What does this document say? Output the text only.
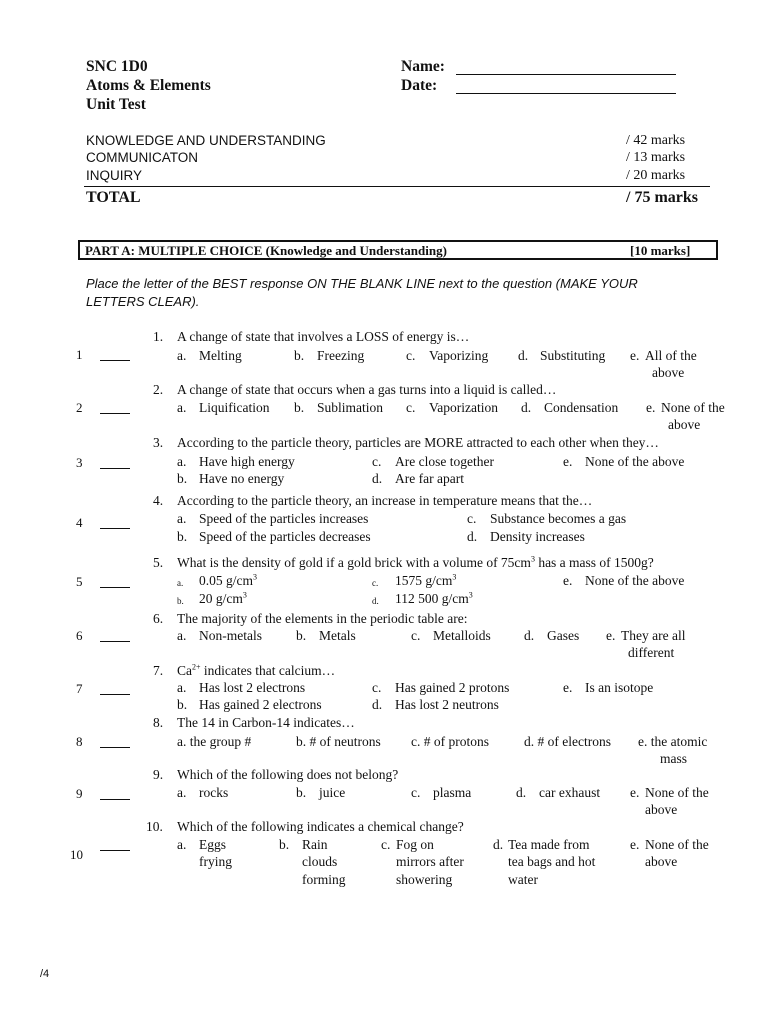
SNC 1D0
Atoms & Elements
Unit Test
Name:
Date:
KNOWLEDGE AND UNDERSTANDING	/ 42 marks
COMMUNICATON	/ 13 marks
INQUIRY	/ 20 marks
TOTAL	/ 75 marks
PART A: MULTIPLE CHOICE (Knowledge and Understanding)	[10 marks]
Place the letter of the BEST response ON THE BLANK LINE next to the question (MAKE YOUR LETTERS CLEAR).
1
1. A change of state that involves a LOSS of energy is…
a. Melting	b. Freezing	c. Vaporizing d. Substituting e. All of the
above
2
2. A change of state that occurs when a gas turns into a liquid is called…
a. Liquification b. Sublimation c. Vaporization d. Condensation e. None of the
above
3
3. According to the particle theory, particles are MORE attracted to each other when they…
a. Have high energy	c. Are close together	e. None of the above
b. Have no energy	d. Are far apart
4
4. According to the particle theory, an increase in temperature means that the…
a. Speed of the particles increases	c. Substance becomes a gas
b. Speed of the particles decreases	d. Density increases
5
5. What is the density of gold if a gold brick with a volume of $75cm^3$ has a mass of 1500g?
a. 0.05 $g/cm^3$
c. 1575 $g/cm^3$	e. None of the above
b. 20 $g/cm^3$
d. 112 500 $g/cm^3$
6
6. The majority of the elements in the periodic table are:
a. Non-metals	b. Metals	c. Metalloids d. Gases e. They are all
different
7
7. $Ca^{2+}$ indicates that calcium…
a. Has lost 2 electrons	c. Has gained 2 protons	e. Is an isotope
b. Has gained 2 electrons	d. Has lost 2 neutrons
8
8. The 14 in Carbon-14 indicates…
a. the group #	b. # of neutrons c. # of protons	d. # of electrons e. the atomic
mass
9
9. Which of the following does not belong?
a. rocks	b. juice	c. plasma	d. car exhaust e. None of the
above
10
10. Which of the following indicates a chemical change?
a. Eggs
frying
b. Rain
clouds
forming
c. Fog on
mirrors after
showering
d. Tea made from
tea bags and hot
water
e. None of the
above
/4
